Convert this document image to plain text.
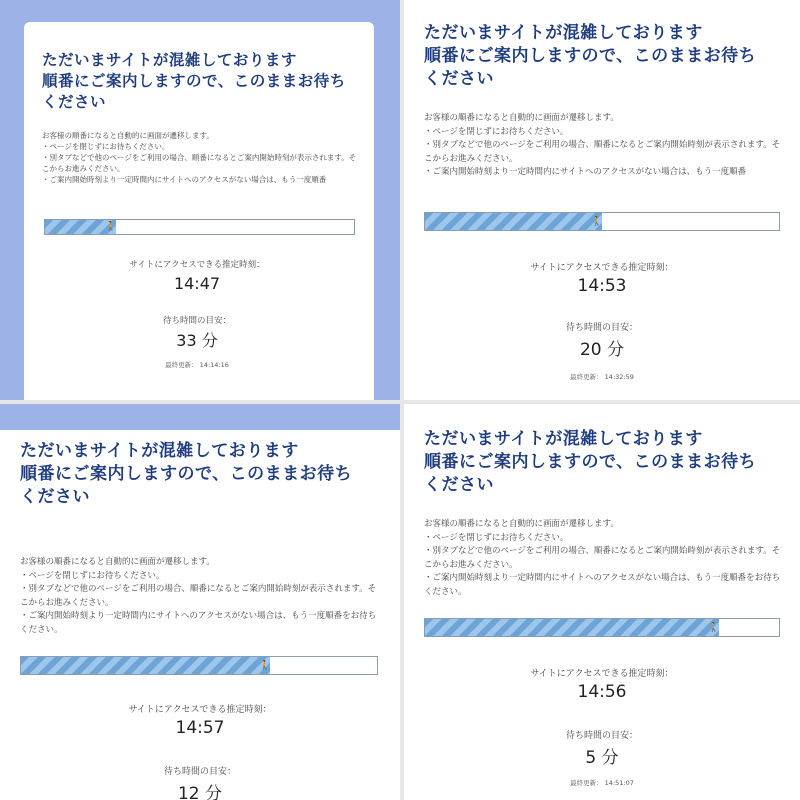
ただいまサイトが混雑しております
順番にご案内しますので、このままお待ち
ください
お客様の順番になると自動的に画面が遷移します。
・ページを閉じずにお待ちください。
・別タブなどで他のページをご利用の場合、順番になるとご案内開始時刻が表示されます。そこからお進みください。
・ご案内開始時刻より一定時間内にサイトへのアクセスがない場合は、もう一度順番
🚶
サイトにアクセスできる推定時刻：
14:47
待ち時間の目安：
33 分
最終更新： 14:14:16
ただいまサイトが混雑しております
順番にご案内しますので、このままお待ち
ください
お客様の順番になると自動的に画面が遷移します。
・ページを閉じずにお待ちください。
・別タブなどで他のページをご利用の場合、順番になるとご案内開始時刻が表示されます。そこからお進みください。
・ご案内開始時刻より一定時間内にサイトへのアクセスがない場合は、もう一度順番
🚶
サイトにアクセスできる推定時刻：
14:53
待ち時間の目安：
20 分
最終更新： 14:32:59
ただいまサイトが混雑しております
順番にご案内しますので、このままお待ち
ください
お客様の順番になると自動的に画面が遷移します。
・ページを閉じずにお待ちください。
・別タブなどで他のページをご利用の場合、順番になるとご案内開始時刻が表示されます。そこからお進みください。
・ご案内開始時刻より一定時間内にサイトへのアクセスがない場合は、もう一度順番をお待ちください。
🚶
サイトにアクセスできる推定時刻：
14:57
待ち時間の目安：
12 分
ただいまサイトが混雑しております
順番にご案内しますので、このままお待ち
ください
お客様の順番になると自動的に画面が遷移します。
・ページを閉じずにお待ちください。
・別タブなどで他のページをご利用の場合、順番になるとご案内開始時刻が表示されます。そこからお進みください。
・ご案内開始時刻より一定時間内にサイトへのアクセスがない場合は、もう一度順番をお待ちください。
🚶
サイトにアクセスできる推定時刻：
14:56
待ち時間の目安：
5 分
最終更新： 14:51:07
